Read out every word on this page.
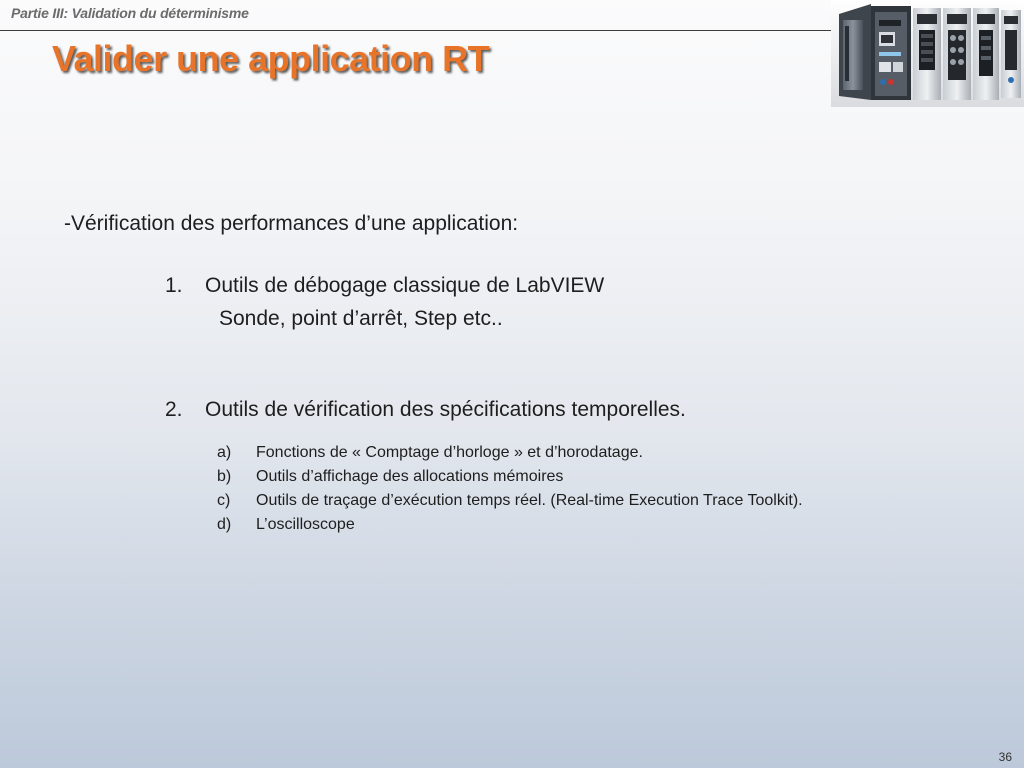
Partie III: Validation du déterminisme
Valider une application RT
-Vérification des performances d’une application:
1. Outils de débogage classique de LabVIEW
Sonde, point d’arrêt, Step etc..
2. Outils de vérification des spécifications temporelles.
a) Fonctions de « Comptage d’horloge » et d’horodatage.
b) Outils d’affichage des allocations mémoires
c) Outils de traçage d’exécution temps réel. (Real-time Execution Trace Toolkit).
d) L’oscilloscope
36
